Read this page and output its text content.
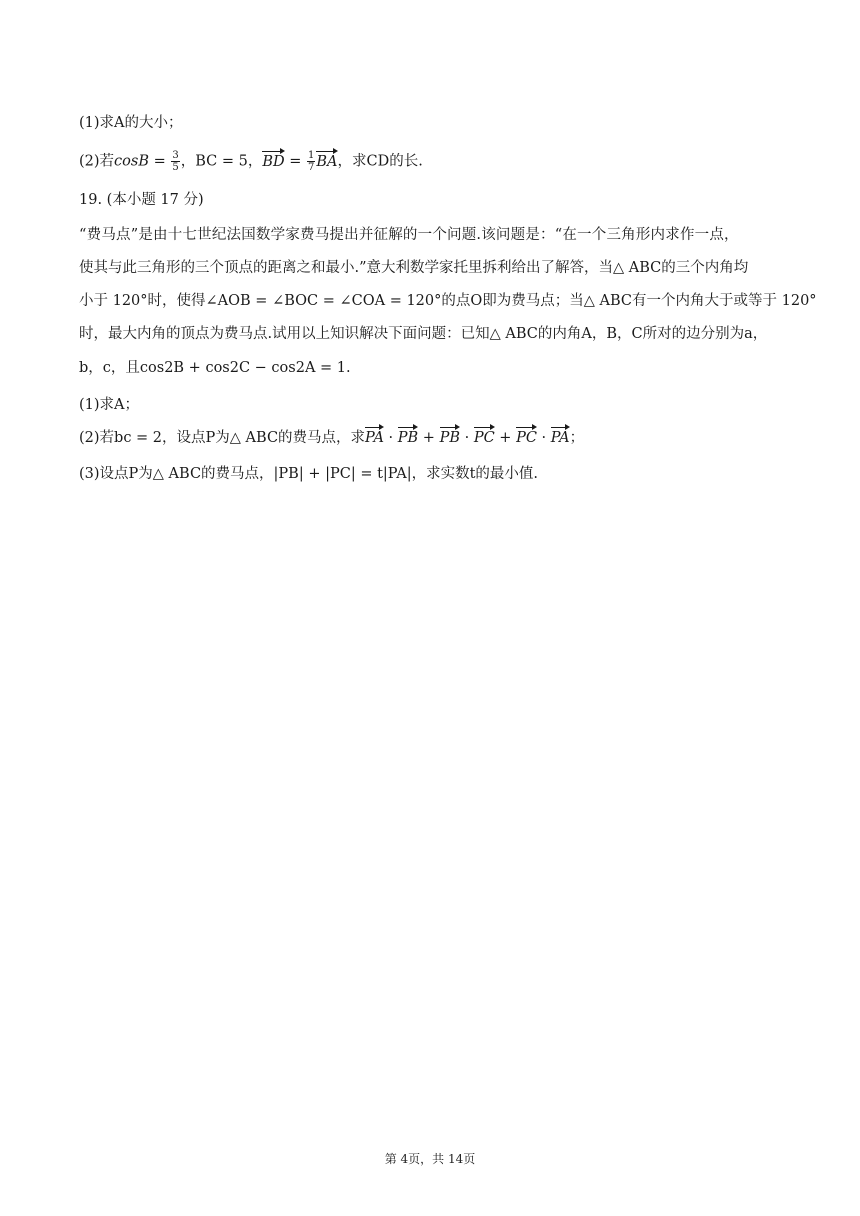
(1)求A的大小；
(2)若$\cos B = \frac{3}{5}$ ，BC = 5，BD = $\frac{1}{7}$ BA，求CD的长.
19. (本小题 17 分)
“费马点”是由十七世纪法国数学家费马提出并征解的一个问题.该问题是：“在一个三角形内求作一点，
使其与此三角形的三个顶点的距离之和最小.”意大利数学家托里拆利给出了解答，当△ ABC的三个内角均
小于 120°时，使得∠AOB = ∠BOC = ∠COA = 120°的点O即为费马点；当△ ABC有一个内角大于或等于 120°
时，最大内角的顶点为费马点.试用以上知识解决下面问题：已知△ ABC的内角A，B，C所对的边分别为a，
b，c，且cos2B + cos2C − cos2A = 1.
(1)求A；
(2)若bc = 2，设点P为△ ABC的费马点，求PA · PB + PB · PC + PC · PA；
(3)设点P为△ ABC的费马点，|PB| + |PC| = t|PA|，求实数t的最小值.
第 4页，共 14页
